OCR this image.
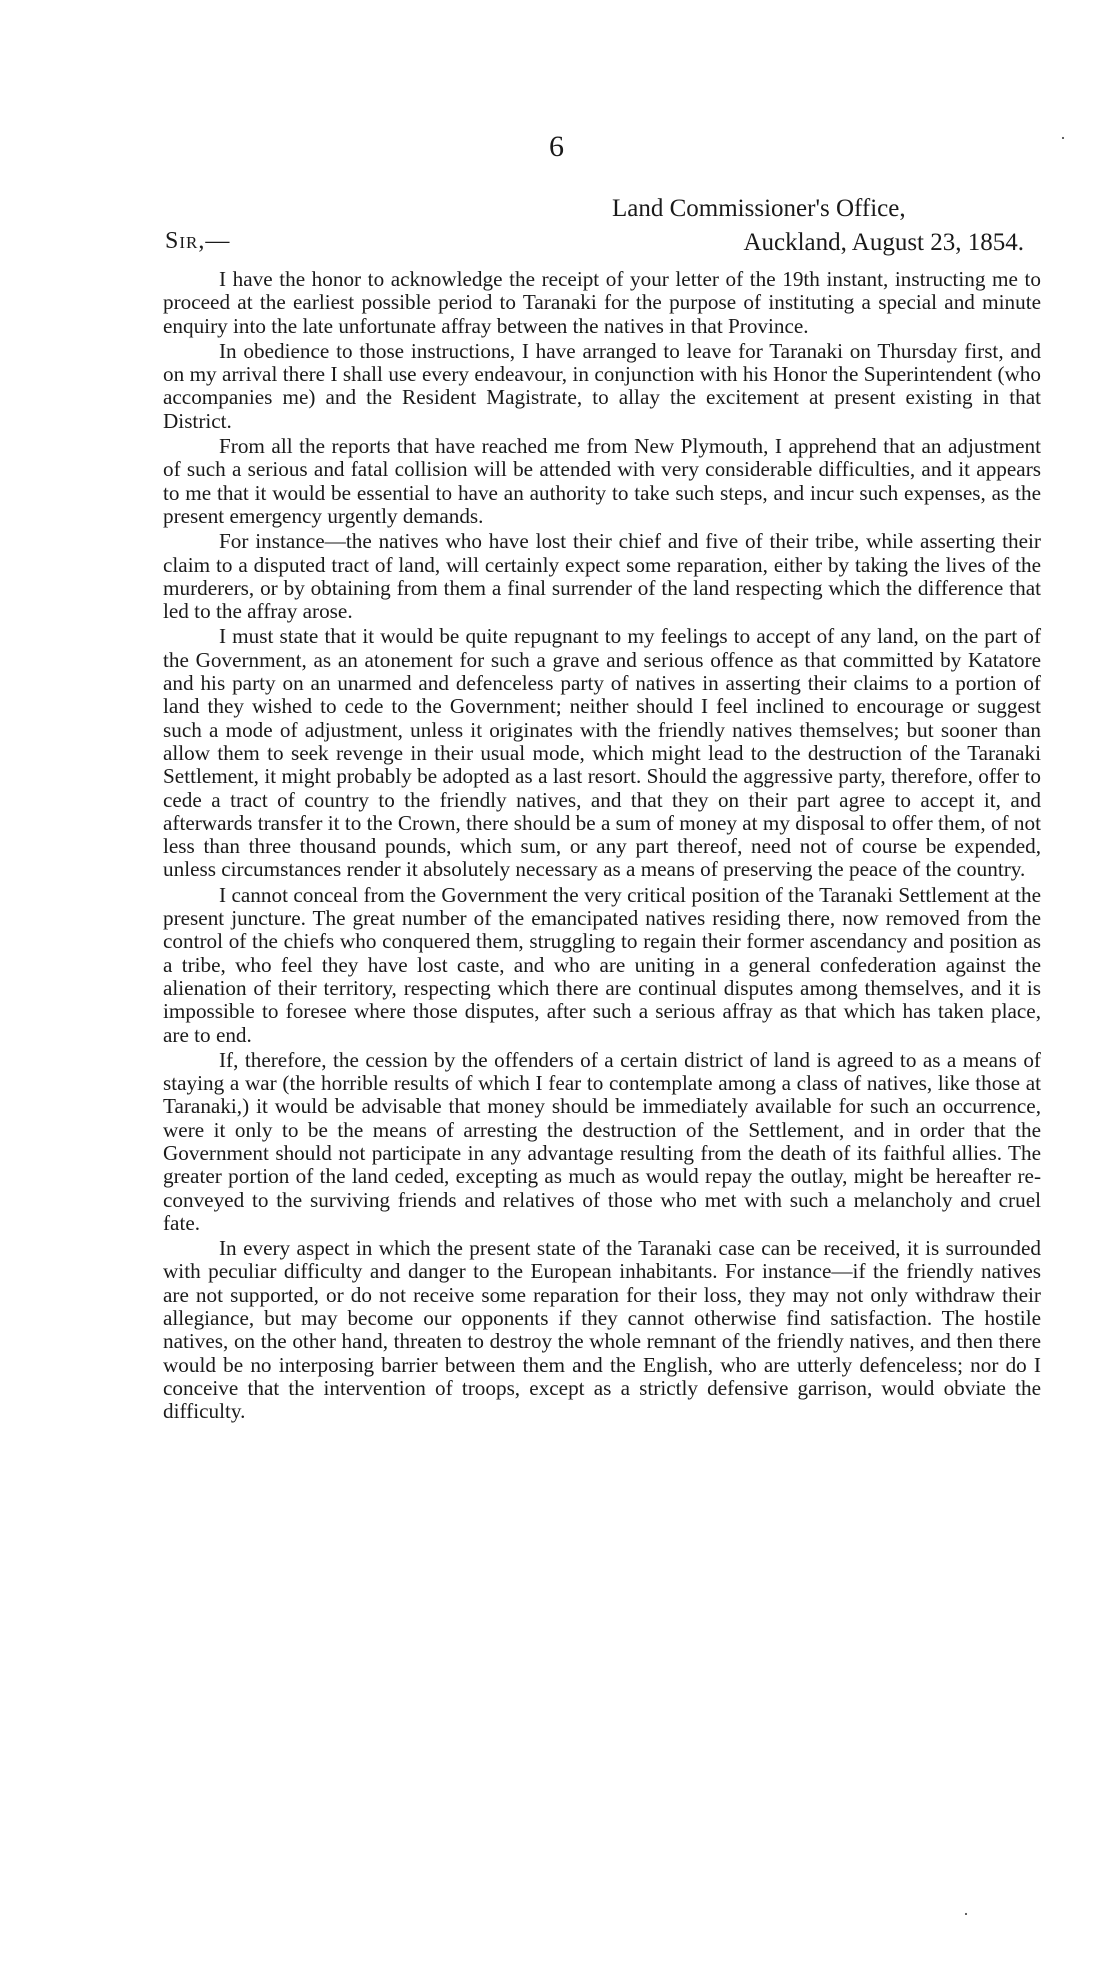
6
Land Commissioner's Office,
Auckland, August 23, 1854.
Sir,—

I have the honor to acknowledge the receipt of your letter of the 19th instant, instructing me to proceed at the earliest possible period to Taranaki for the purpose of instituting a special and minute enquiry into the late unfortunate affray between the natives in that Province.

In obedience to those instructions, I have arranged to leave for Taranaki on Thursday first, and on my arrival there I shall use every endeavour, in conjunction with his Honor the Superintendent (who accompanies me) and the Resident Magistrate, to allay the excitement at present existing in that District.

From all the reports that have reached me from New Plymouth, I apprehend that an adjustment of such a serious and fatal collision will be attended with very considerable difficulties, and it appears to me that it would be essential to have an authority to take such steps, and incur such expenses, as the present emergency urgently demands.

For instance—the natives who have lost their chief and five of their tribe, while asserting their claim to a disputed tract of land, will certainly expect some reparation, either by taking the lives of the murderers, or by obtaining from them a final surrender of the land respecting which the difference that led to the affray arose.

I must state that it would be quite repugnant to my feelings to accept of any land, on the part of the Government, as an atonement for such a grave and serious offence as that committed by Katatore and his party on an unarmed and defenceless party of natives in asserting their claims to a portion of land they wished to cede to the Government; neither should I feel inclined to encourage or suggest such a mode of adjustment, unless it originates with the friendly natives themselves; but sooner than allow them to seek revenge in their usual mode, which might lead to the destruction of the Taranaki Settlement, it might probably be adopted as a last resort. Should the aggressive party, therefore, offer to cede a tract of country to the friendly natives, and that they on their part agree to accept it, and afterwards transfer it to the Crown, there should be a sum of money at my disposal to offer them, of not less than three thousand pounds, which sum, or any part thereof, need not of course be expended, unless circumstances render it absolutely necessary as a means of preserving the peace of the country.

I cannot conceal from the Government the very critical position of the Taranaki Settlement at the present juncture. The great number of the emancipated natives residing there, now removed from the control of the chiefs who conquered them, struggling to regain their former ascendancy and position as a tribe, who feel they have lost caste, and who are uniting in a general confederation against the alienation of their territory, respecting which there are continual disputes among themselves, and it is impossible to foresee where those disputes, after such a serious affray as that which has taken place, are to end.

If, therefore, the cession by the offenders of a certain district of land is agreed to as a means of staying a war (the horrible results of which I fear to contemplate among a class of natives, like those at Taranaki,) it would be advisable that money should be immediately available for such an occurrence, were it only to be the means of arresting the destruction of the Settlement, and in order that the Government should not participate in any advantage resulting from the death of its faithful allies. The greater portion of the land ceded, excepting as much as would repay the outlay, might be hereafter re-conveyed to the surviving friends and relatives of those who met with such a melancholy and cruel fate.

In every aspect in which the present state of the Taranaki case can be received, it is surrounded with peculiar difficulty and danger to the European inhabitants. For instance—if the friendly natives are not supported, or do not receive some reparation for their loss, they may not only withdraw their allegiance, but may become our opponents if they cannot otherwise find satisfaction. The hostile natives, on the other hand, threaten to destroy the whole remnant of the friendly natives, and then there would be no interposing barrier between them and the English, who are utterly defenceless; nor do I conceive that the intervention of troops, except as a strictly defensive garrison, would obviate the difficulty.

·
·
